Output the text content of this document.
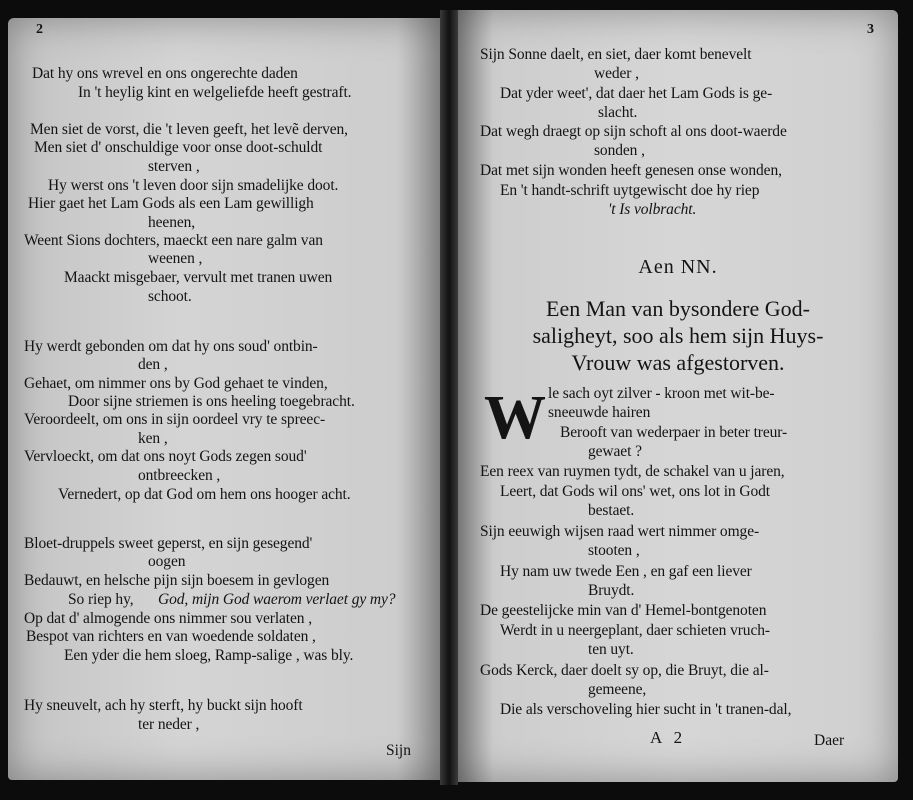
2
Dat hy ons wrevel en ons ongerechte daden
In 't heylig kint en welgeliefde heeft gestraft.
Men siet de vorst, die 't leven geeft, het levẽ derven,
Men siet d' onschuldige voor onse doot-schuldt
sterven ,
Hy werst ons 't leven door sijn smadelijke doot.
Hier gaet het Lam Gods als een Lam gewilligh
heenen,
Weent Sions dochters, maeckt een nare galm van
weenen ,
Maackt misgebaer, vervult met tranen uwen
schoot.
Hy werdt gebonden om dat hy ons soud' ontbin-
den ,
Gehaet, om nimmer ons by God gehaet te vinden,
Door sijne striemen is ons heeling toegebracht.
Veroordeelt, om ons in sijn oordeel vry te spreec-
ken ,
Vervloeckt, om dat ons noyt Gods zegen soud'
ontbreecken ,
Vernedert, op dat God om hem ons hooger acht.
Bloet-druppels sweet geperst, en sijn gesegend'
oogen
Bedauwt, en helsche pijn sijn boesem in gevlogen
So riep hy, God, mijn God waerom verlaet gy my?
Op dat d' almogende ons nimmer sou verlaten ,
Bespot van richters en van woedende soldaten ,
Een yder die hem sloeg, Ramp-salige , was bly.
Hy sneuvelt, ach hy sterft, hy buckt sijn hooft
ter neder ,
Sijn
3
Sijn Sonne daelt, en siet, daer komt benevelt
weder ,
Dat yder weet', dat daer het Lam Gods is ge-
slacht.
Dat wegh draegt op sijn schoft al ons doot-waerde
sonden ,
Dat met sijn wonden heeft genesen onse wonden,
En 't handt-schrift uytgewischt doe hy riep
't Is volbracht.
le sach oyt zilver - kroon met wit-be-
sneeuwde hairen
Berooft van wederpaer in beter treur-
gewaet ?
Een reex van ruymen tydt, de schakel van u jaren,
Leert, dat Gods wil ons' wet, ons lot in Godt
bestaet.
Sijn eeuwigh wijsen raad wert nimmer omge-
stooten ,
Hy nam uw twede Een , en gaf een liever
Bruydt.
De geestelijcke min van d' Hemel-bontgenoten
Werdt in u neergeplant, daer schieten vruch-
ten uyt.
Gods Kerck, daer doelt sy op, die Bruyt, die al-
gemeene,
Die als verschoveling hier sucht in 't tranen-dal,
Aen NN.
Een Man van bysondere God-
saligheyt, soo als hem sijn Huys-
Vrouw was afgestorven.
W
A 2	Daer
